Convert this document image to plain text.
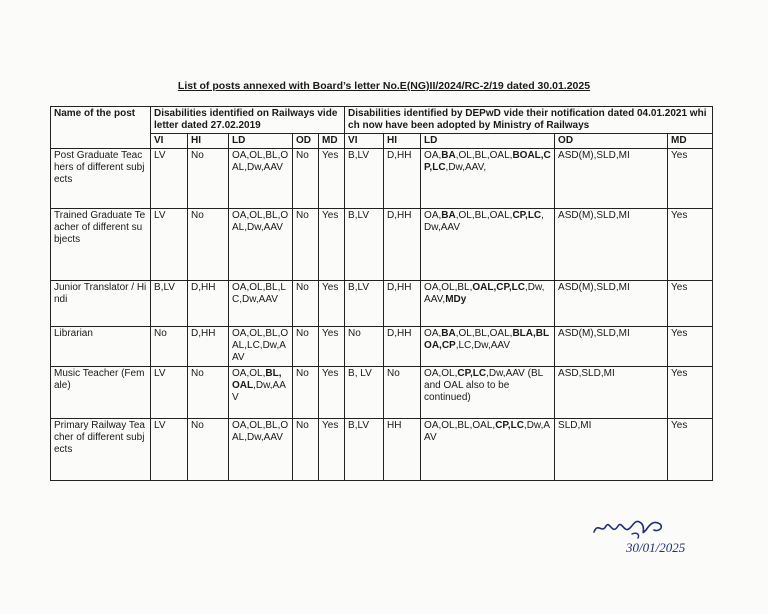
List of posts annexed with Board’s letter No.E(NG)II/2024/RC-2/19 dated 30.01.2025
Name of the post	Disabilities identified on Railways vide letter dated 27.02.2019					Disabilities identified by DEPwD vide their notification dated 04.01.2021 which now have been adopted by Ministry of Railways				
	VI	HI	LD	OD	MD	VI	HI	LD	OD	MD
Post Graduate Teachers of different subjects	LV	No	OA,OL,BL,OAL,Dw,AAV	No	Yes	B,LV	D,HH	OA,BA,OL,BL,OAL,BOAL,CP,LC,Dw,AAV,	ASD(M),SLD,MI	Yes
Trained Graduate Teacher of different subjects	LV	No	OA,OL,BL,OAL,Dw,AAV	No	Yes	B,LV	D,HH	OA,BA,OL,BL,OAL,CP,LC,Dw,AAV	ASD(M),SLD,MI	Yes
Junior Translator / Hindi	B,LV	D,HH	OA,OL,BL,LC,Dw,AAV	No	Yes	B,LV	D,HH	OA,OL,BL,OAL,CP,LC,Dw,AAV,MDy	ASD(M),SLD,MI	Yes
Librarian	No	D,HH	OA,OL,BL,OAL,LC,Dw,AAV	No	Yes	No	D,HH	OA,BA,OL,BL,OAL,BLA,BLOA,CP,LC,Dw,AAV	ASD(M),SLD,MI	Yes
Music Teacher (Female)	LV	No	OA,OL,BL,OAL,Dw,AAV	No	Yes	B, LV	No	OA,OL,CP,LC,Dw,AAV (BL and OAL also to be continued)	ASD,SLD,MI	Yes
Primary Railway Teacher of different subjects	LV	No	OA,OL,BL,OAL,Dw,AAV	No	Yes	B,LV	HH	OA,OL,BL,OAL,CP,LC,Dw,AAV	SLD,MI	Yes
30/01/2025
